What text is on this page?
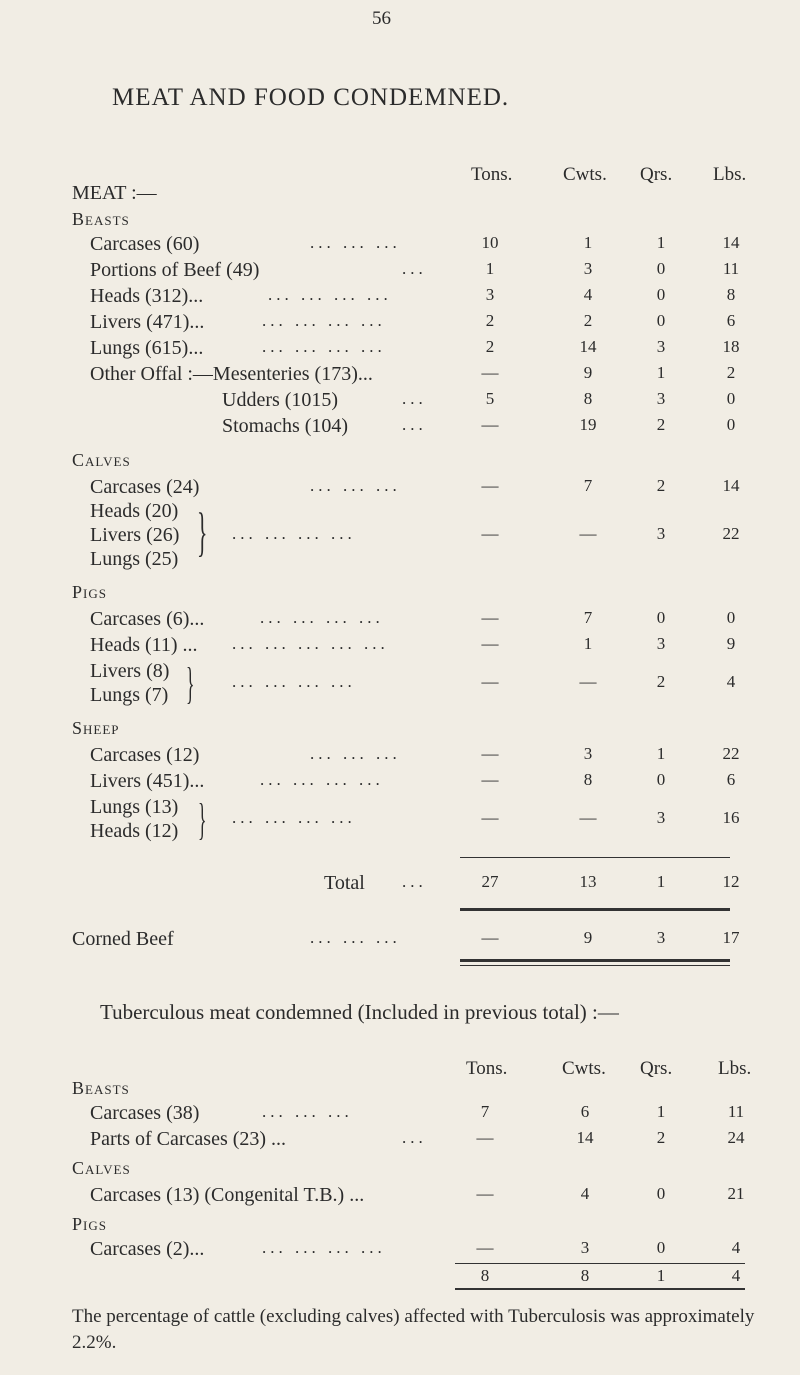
56
MEAT AND FOOD CONDEMNED.
Tons.	Cwts. Qrs. Lbs.
MEAT :—
Beasts
Carcases (60)	... ... ...	10	1	1	14
Portions of Beef (49)	...	1	3	0	11
Heads (312)...	... ... ... ...	3	4	0	8
Livers (471)...	... ... ... ...	2	2	0	6
Lungs (615)...	... ... ... ...	2	14	3	18
Other Offal :—Mesenteries (173)...	—	9	1	2
Udders (1015)	...	5	8	3	0
Stomachs (104)	...	—	19	2	0
Calves
Carcases (24)	... ... ...	—	7	2	14
Heads (20)
Livers (26)
Lungs (25) } ... ... ... ...	—	—	3	22
Pigs
Carcases (6)...	... ... ... ...	—	7	0	0
Heads (11) ... ... ... ... ... ...	—	1	3	9
Livers (8)
Lungs (7) } ... ... ... ...	—	—	2	4
Sheep
Carcases (12)	... ... ...	—	3	1	22
Livers (451)...	... ... ... ...	—	8	0	6
Lungs (13)
Heads (12) } ... ... ... ...	—	—	3	16
Total ...	27	13	1	12
Corned Beef	... ... ...	—	9	3	17
Tuberculous meat condemned (Included in previous total) :—
Tons.	Cwts. Qrs. Lbs.
Beasts
Carcases (38)	... ... ...	7	6	1	11
Parts of Carcases (23) ...	...	—	14	2	24
Calves
Carcases (13) (Congenital T.B.) ...	—	4	0	21
Pigs
Carcases (2)...	... ... ... ...	—	3	0	4
8	8	1	4
The percentage of cattle (excluding calves) affected with Tuberculosis was approximately 2.2%.
